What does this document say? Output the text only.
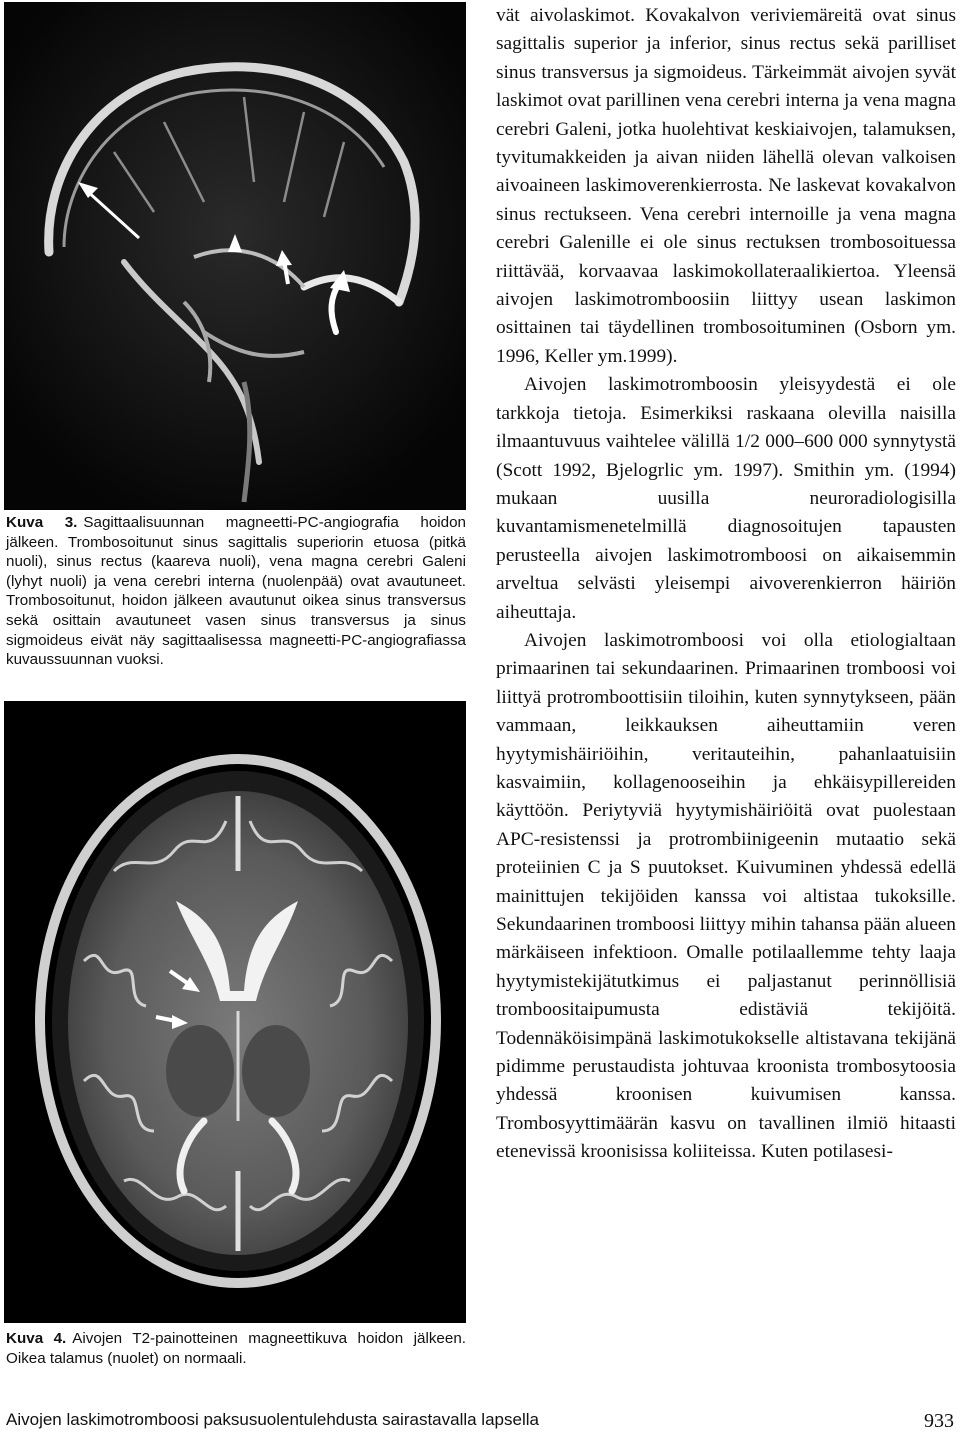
Kuva 3. Sagittaalisuunnan magneetti-PC-angiografia hoidon jälkeen. Trombosoitunut sinus sagittalis superiorin etuosa (pitkä nuoli), sinus rectus (kaareva nuoli), vena magna cerebri Galeni (lyhyt nuoli) ja vena cerebri interna (nuolenpää) ovat avautuneet. Trombosoitunut, hoidon jälkeen avautunut oikea sinus transversus sekä osittain avautuneet vasen sinus transversus ja sinus sigmoideus eivät näy sagittaalisessa magneetti-PC-angiografiassa kuvaussuunnan vuoksi.
Kuva 4. Aivojen T2-painotteinen magneettikuva hoidon jälkeen. Oikea talamus (nuolet) on normaali.

vät aivolaskimot. Kovakalvon veriviemäreitä ovat sinus sagittalis superior ja inferior, sinus rectus sekä parilliset sinus transversus ja sigmoideus. Tärkeimmät aivojen syvät laskimot ovat parillinen vena cerebri interna ja vena magna cerebri Galeni, jotka huolehtivat keskiaivojen, talamuksen, tyvitumakkeiden ja aivan niiden lähellä olevan valkoisen aivoaineen laskimoverenkierrosta. Ne laskevat kovakalvon sinus rectukseen. Vena cerebri internoille ja vena magna cerebri Galenille ei ole sinus rectuksen trombosoituessa riittävää, korvaavaa laskimokollateraalikiertoa. Yleensä aivojen laskimotromboosiin liittyy usean laskimon osittainen tai täydellinen trombosoituminen (Osborn ym. 1996, Keller ym.1999).

Aivojen laskimotromboosin yleisyydestä ei ole tarkkoja tietoja. Esimerkiksi raskaana olevilla naisilla ilmaantuvuus vaihtelee välillä 1/2 000–600 000 synnytystä (Scott 1992, Bjelogrlic ym. 1997). Smithin ym. (1994) mukaan uusilla neuroradiologisilla kuvantamismenetelmillä diagnosoitujen tapausten perusteella aivojen laskimotromboosi on aikaisemmin arveltua selvästi yleisempi aivoverenkierron häiriön aiheuttaja.

Aivojen laskimotromboosi voi olla etiologialtaan primaarinen tai sekundaarinen. Primaarinen tromboosi voi liittyä protromboottisiin tiloihin, kuten synnytykseen, pään vammaan, leikkauksen aiheuttamiin veren hyytymishäiriöihin, veritauteihin, pahanlaatuisiin kasvaimiin, kollagenooseihin ja ehkäisypillereiden käyttöön. Periytyviä hyytymishäiriöitä ovat puolestaan APC-resistenssi ja protrombiinigeenin mutaatio sekä proteiinien C ja S puutokset. Kuivuminen yhdessä edellä mainittujen tekijöiden kanssa voi altistaa tukoksille. Sekundaarinen tromboosi liittyy mihin tahansa pään alueen märkäiseen infektioon. Omalle potilaallemme tehty laaja hyytymistekijätutkimus ei paljastanut perinnöllisiä tromboositaipumusta edistäviä tekijöitä. Todennäköisimpänä laskimotukokselle altistavana tekijänä pidimme perustaudista johtuvaa kroonista trombosytoosia yhdessä kroonisen kuivumisen kanssa. Trombosyyttimäärän kasvu on tavallinen ilmiö hitaasti etenevissä kroonisissa koliiteissa. Kuten potilasesi-

Aivojen laskimotromboosi paksusuolentulehdusta sairastavalla lapsella	933
